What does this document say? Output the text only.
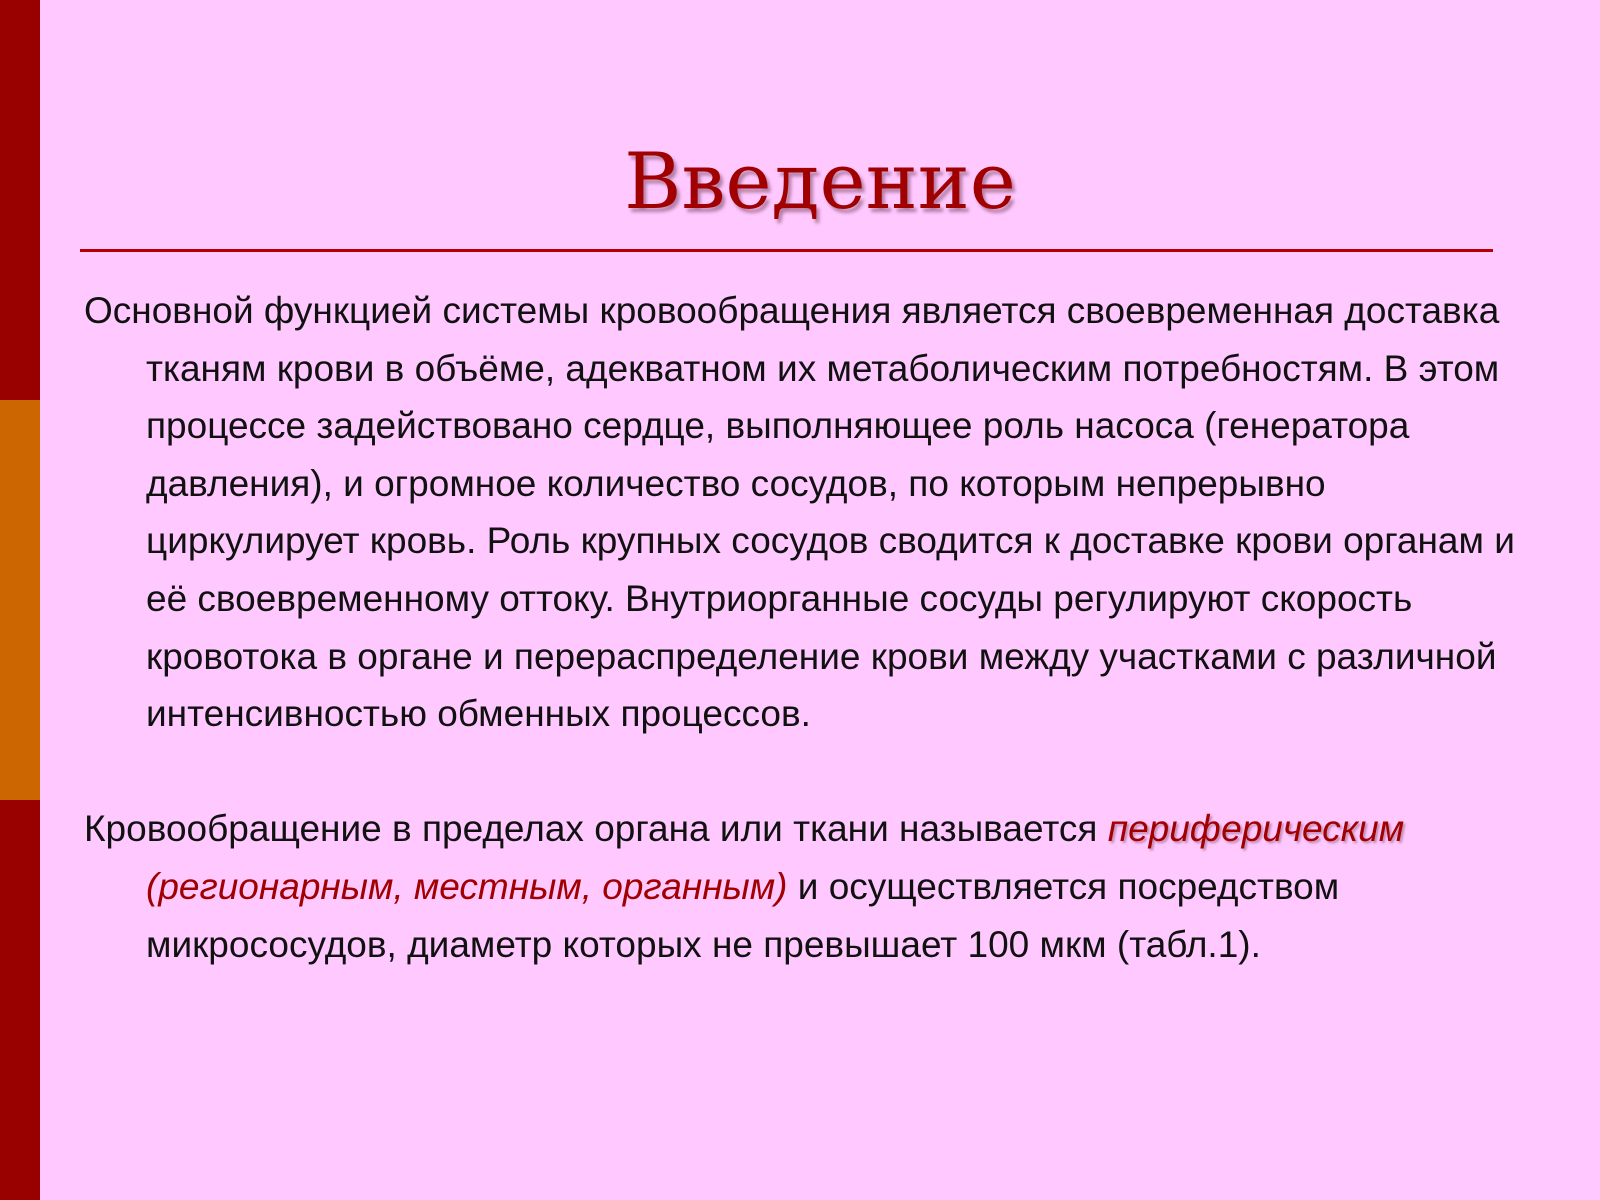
Введение

Основной функцией системы кровообращения является своевременная доставка тканям крови в объёме, адекватном их метаболическим потребностям. В этом процессе задействовано сердце, выполняющее роль насоса (генератора давления), и огромное количество сосудов, по которым непрерывно циркулирует кровь. Роль крупных сосудов сводится к доставке крови органам и её своевременному оттоку. Внутриорганные сосуды регулируют скорость кровотока в органе и перераспределение крови между участками с различной интенсивностью обменных процессов.

Кровообращение в пределах органа или ткани называется периферическим (регионарным, местным, органным) и осуществляется посредством микрососудов, диаметр которых не превышает 100 мкм (табл.1).
